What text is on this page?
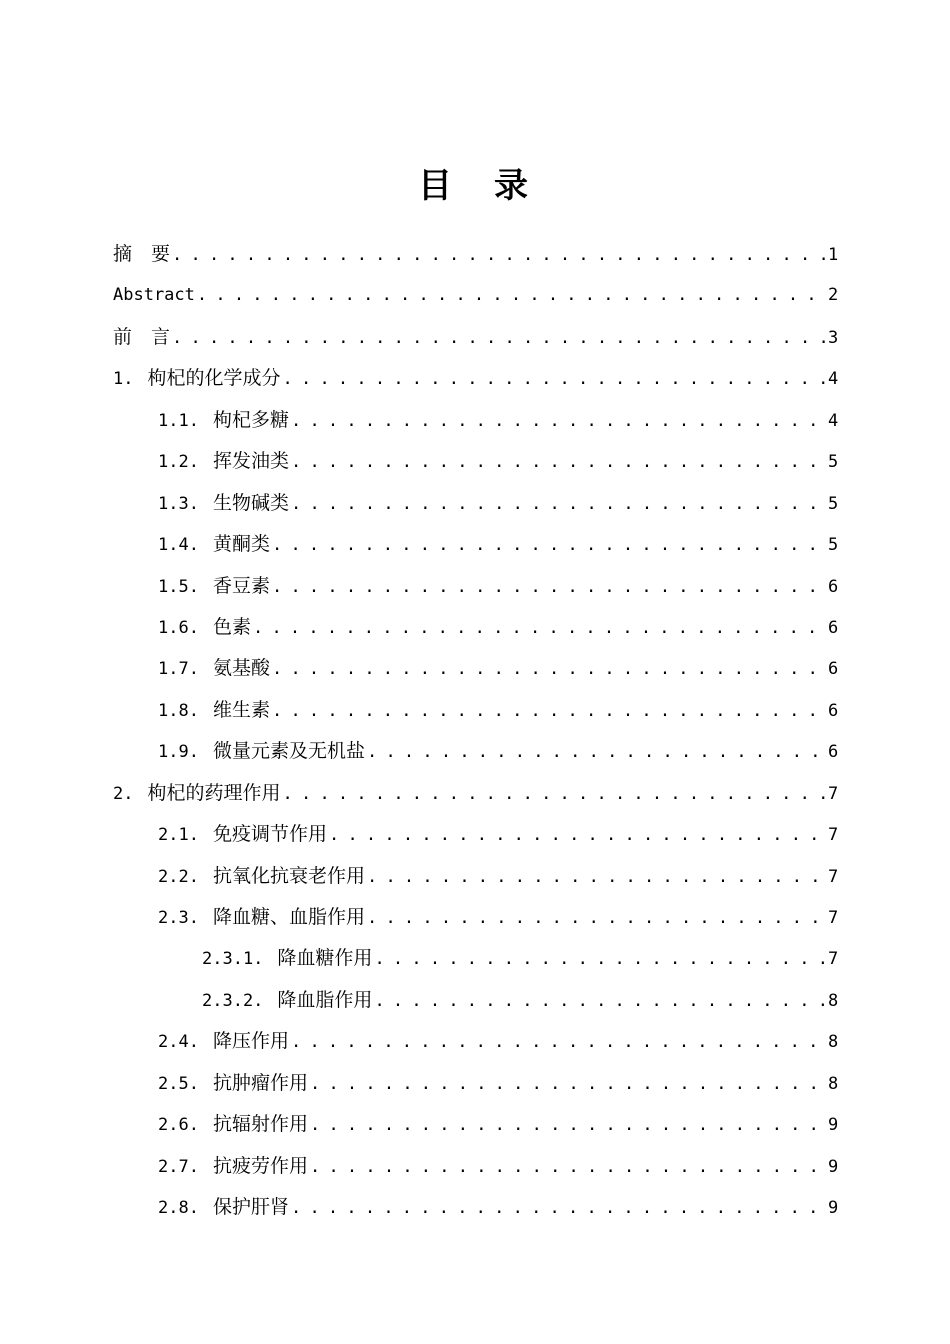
目　录
摘　要 . . .	1
Abstract . . .	2
前　言 . . .	3
1. 枸杞的化学成分 . . .	4
1.1. 枸杞多糖 . . .	4
1.2. 挥发油类 . . .	5
1.3. 生物碱类 . . .	5
1.4. 黄酮类 . . .	5
1.5. 香豆素 . . .	6
1.6. 色素 . . .	6
1.7. 氨基酸 . . .	6
1.8. 维生素 . . .	6
1.9. 微量元素及无机盐 . . .	6
2. 枸杞的药理作用 . . .	7
2.1. 免疫调节作用 . . .	7
2.2. 抗氧化抗衰老作用 . . .	7
2.3. 降血糖、血脂作用 . . .	7
2.3.1. 降血糖作用 . . .	7
2.3.2. 降血脂作用 . . .	8
2.4. 降压作用 . . .	8
2.5. 抗肿瘤作用 . . .	8
2.6. 抗辐射作用 . . .	9
2.7. 抗疲劳作用 . . .	9
2.8. 保护肝肾 . . .	9
